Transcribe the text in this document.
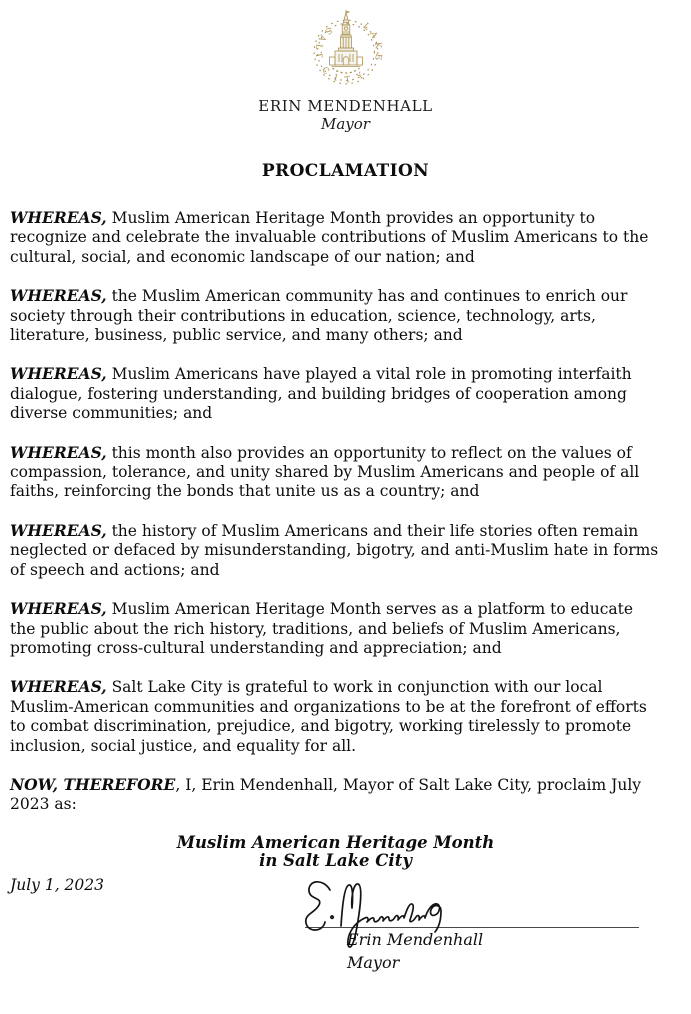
SALT
LAKE
CITY
ERIN MENDENHALL
Mayor
PROCLAMATION

WHEREAS, Muslim American Heritage Month provides an opportunity to recognize and celebrate the invaluable contributions of Muslim Americans to the cultural, social, and economic landscape of our nation; and

WHEREAS, the Muslim American community has and continues to enrich our society through their contributions in education, science, technology, arts, literature, business, public service, and many others; and

WHEREAS, Muslim Americans have played a vital role in promoting interfaith dialogue, fostering understanding, and building bridges of cooperation among diverse communities; and

WHEREAS, this month also provides an opportunity to reflect on the values of compassion, tolerance, and unity shared by Muslim Americans and people of all faiths, reinforcing the bonds that unite us as a country; and

WHEREAS, the history of Muslim Americans and their life stories often remain neglected or defaced by misunderstanding, bigotry, and anti-Muslim hate in forms of speech and actions; and

WHEREAS, Muslim American Heritage Month serves as a platform to educate the public about the rich history, traditions, and beliefs of Muslim Americans, promoting cross-cultural understanding and appreciation; and

WHEREAS, Salt Lake City is grateful to work in conjunction with our local Muslim-American communities and organizations to be at the forefront of efforts to combat discrimination, prejudice, and bigotry, working tirelessly to promote inclusion, social justice, and equality for all.

NOW, THEREFORE, I, Erin Mendenhall, Mayor of Salt Lake City, proclaim July 2023 as:

Muslim American Heritage Month
in Salt Lake City
July 1, 2023
Erin Mendenhall
Mayor
